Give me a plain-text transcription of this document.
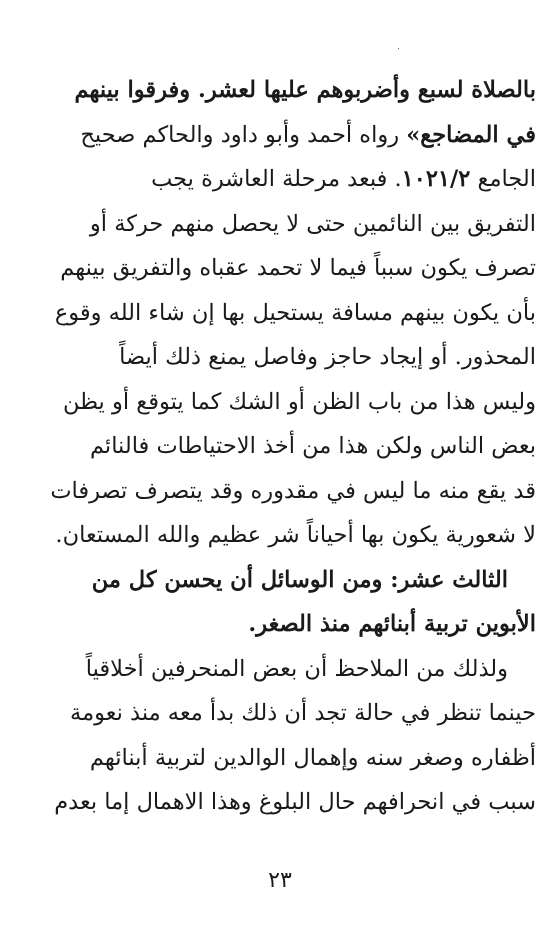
بالصلاة لسبع وأضربوهم عليها لعشر. وفرقوا بينهم
في المضاجع» رواه أحمد وأبو داود والحاكم صحيح
الجامع ١٠٢١/٢. فبعد مرحلة العاشرة يجب
التفريق بين النائمين حتى لا يحصل منهم حركة أو
تصرف يكون سبباً فيما لا تحمد عقباه والتفريق بينهم
بأن يكون بينهم مسافة يستحيل بها إن شاء الله وقوع
المحذور. أو إيجاد حاجز وفاصل يمنع ذلك أيضاً
وليس هذا من باب الظن أو الشك كما يتوقع أو يظن
بعض الناس ولكن هذا من أخذ الاحتياطات فالنائم
قد يقع منه ما ليس في مقدوره وقد يتصرف تصرفات
لا شعورية يكون بها أحياناً شر عظيم والله المستعان.
الثالث عشر: ومن الوسائل أن يحسن كل من
الأبوين تربية أبنائهم منذ الصغر.
ولذلك من الملاحظ أن بعض المنحرفين أخلاقياً
حينما تنظر في حالة تجد أن ذلك بدأ معه منذ نعومة
أظفاره وصغر سنه وإهمال الوالدين لتربية أبنائهم
سبب في انحرافهم حال البلوغ وهذا الاهمال إما بعدم
٢٣
